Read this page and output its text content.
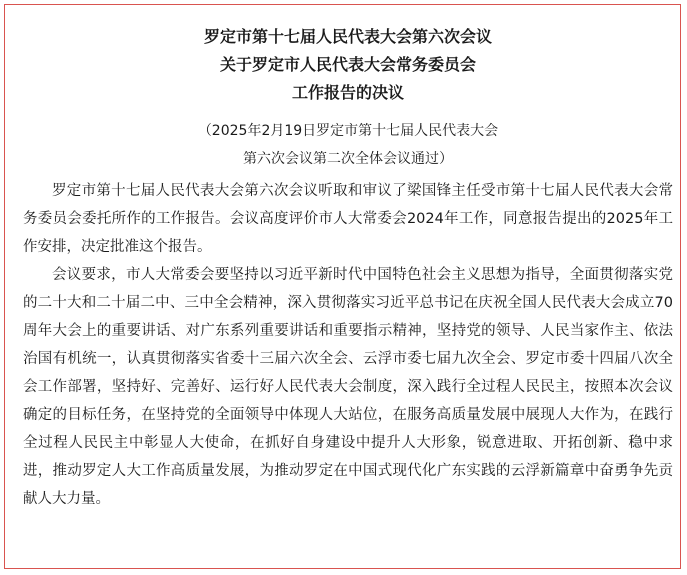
罗定市第十七届人民代表大会第六次会议
关于罗定市人民代表大会常务委员会
工作报告的决议
（2025年2月19日罗定市第十七届人民代表大会
第六次会议第二次全体会议通过）

罗定市第十七届人民代表大会第六次会议听取和审议了梁国锋主任受市第十七届人民代表大会常务委员会委托所作的工作报告。会议高度评价市人大常委会2024年工作，同意报告提出的2025年工作安排，决定批准这个报告。

会议要求，市人大常委会要坚持以习近平新时代中国特色社会主义思想为指导，全面贯彻落实党的二十大和二十届二中、三中全会精神，深入贯彻落实习近平总书记在庆祝全国人民代表大会成立70周年大会上的重要讲话、对广东系列重要讲话和重要指示精神，坚持党的领导、人民当家作主、依法治国有机统一，认真贯彻落实省委十三届六次全会、云浮市委七届九次全会、罗定市委十四届八次全会工作部署，坚持好、完善好、运行好人民代表大会制度，深入践行全过程人民民主，按照本次会议确定的目标任务，在坚持党的全面领导中体现人大站位，在服务高质量发展中展现人大作为，在践行全过程人民民主中彰显人大使命，在抓好自身建设中提升人大形象，锐意进取、开拓创新、稳中求进，推动罗定人大工作高质量发展，为推动罗定在中国式现代化广东实践的云浮新篇章中奋勇争先贡献人大力量。
